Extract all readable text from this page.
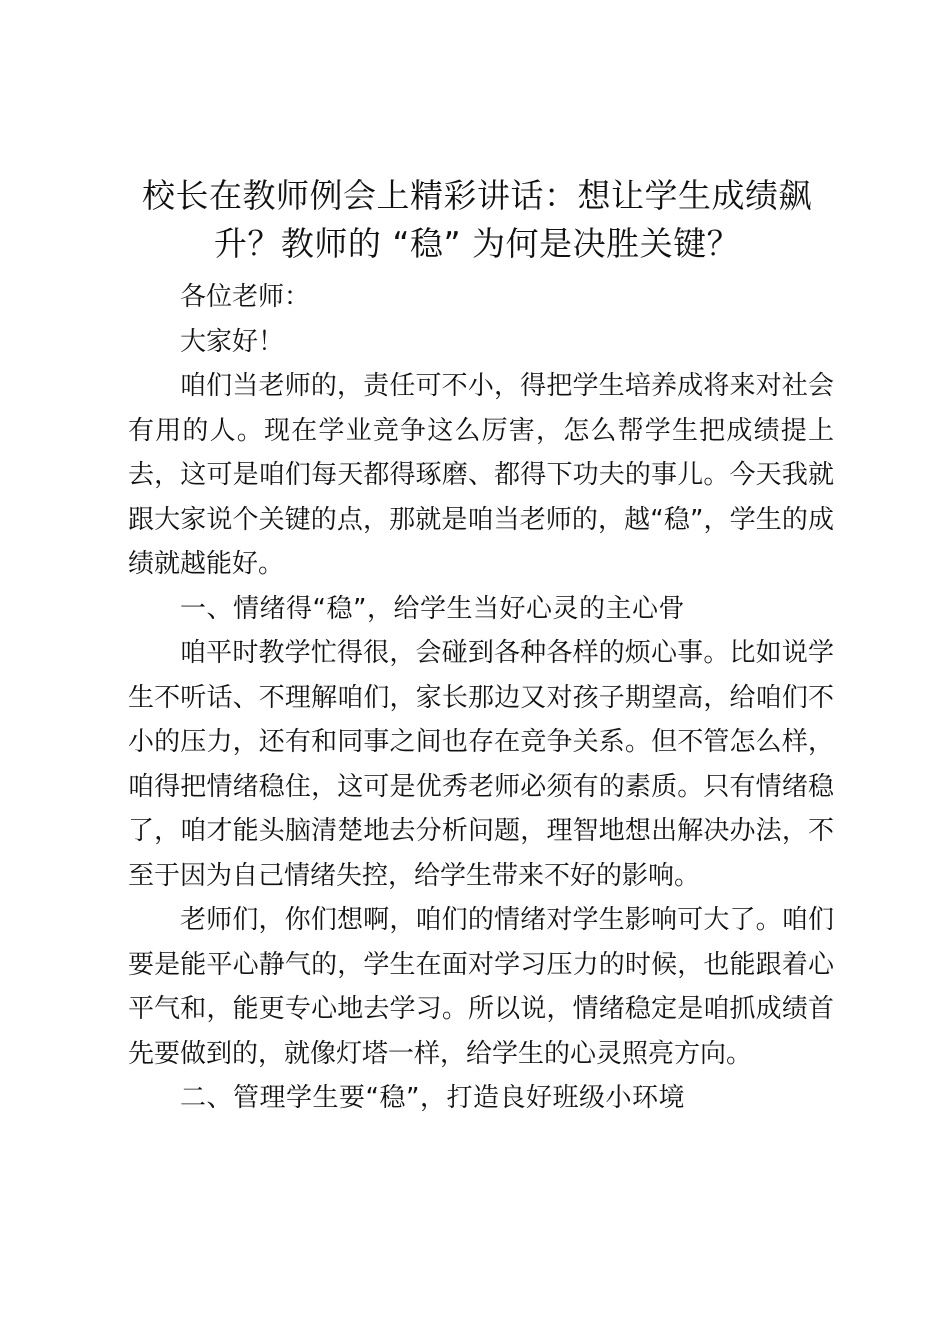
校长在教师例会上精彩讲话：想让学生成绩飙升？教师的 “稳” 为何是决胜关键？

各位老师：

大家好！

咱们当老师的，责任可不小，得把学生培养成将来对社会有用的人。现在学业竞争这么厉害，怎么帮学生把成绩提上去，这可是咱们每天都得琢磨、都得下功夫的事儿。今天我就跟大家说个关键的点，那就是咱当老师的，越“稳”，学生的成绩就越能好。

一、情绪得“稳”，给学生当好心灵的主心骨

咱平时教学忙得很，会碰到各种各样的烦心事。比如说学生不听话、不理解咱们，家长那边又对孩子期望高，给咱们不小的压力，还有和同事之间也存在竞争关系。但不管怎么样，咱得把情绪稳住，这可是优秀老师必须有的素质。只有情绪稳了，咱才能头脑清楚地去分析问题，理智地想出解决办法，不至于因为自己情绪失控，给学生带来不好的影响。

老师们，你们想啊，咱们的情绪对学生影响可大了。咱们要是能平心静气的，学生在面对学习压力的时候，也能跟着心平气和，能更专心地去学习。所以说，情绪稳定是咱抓成绩首先要做到的，就像灯塔一样，给学生的心灵照亮方向。

二、管理学生要“稳”，打造良好班级小环境
